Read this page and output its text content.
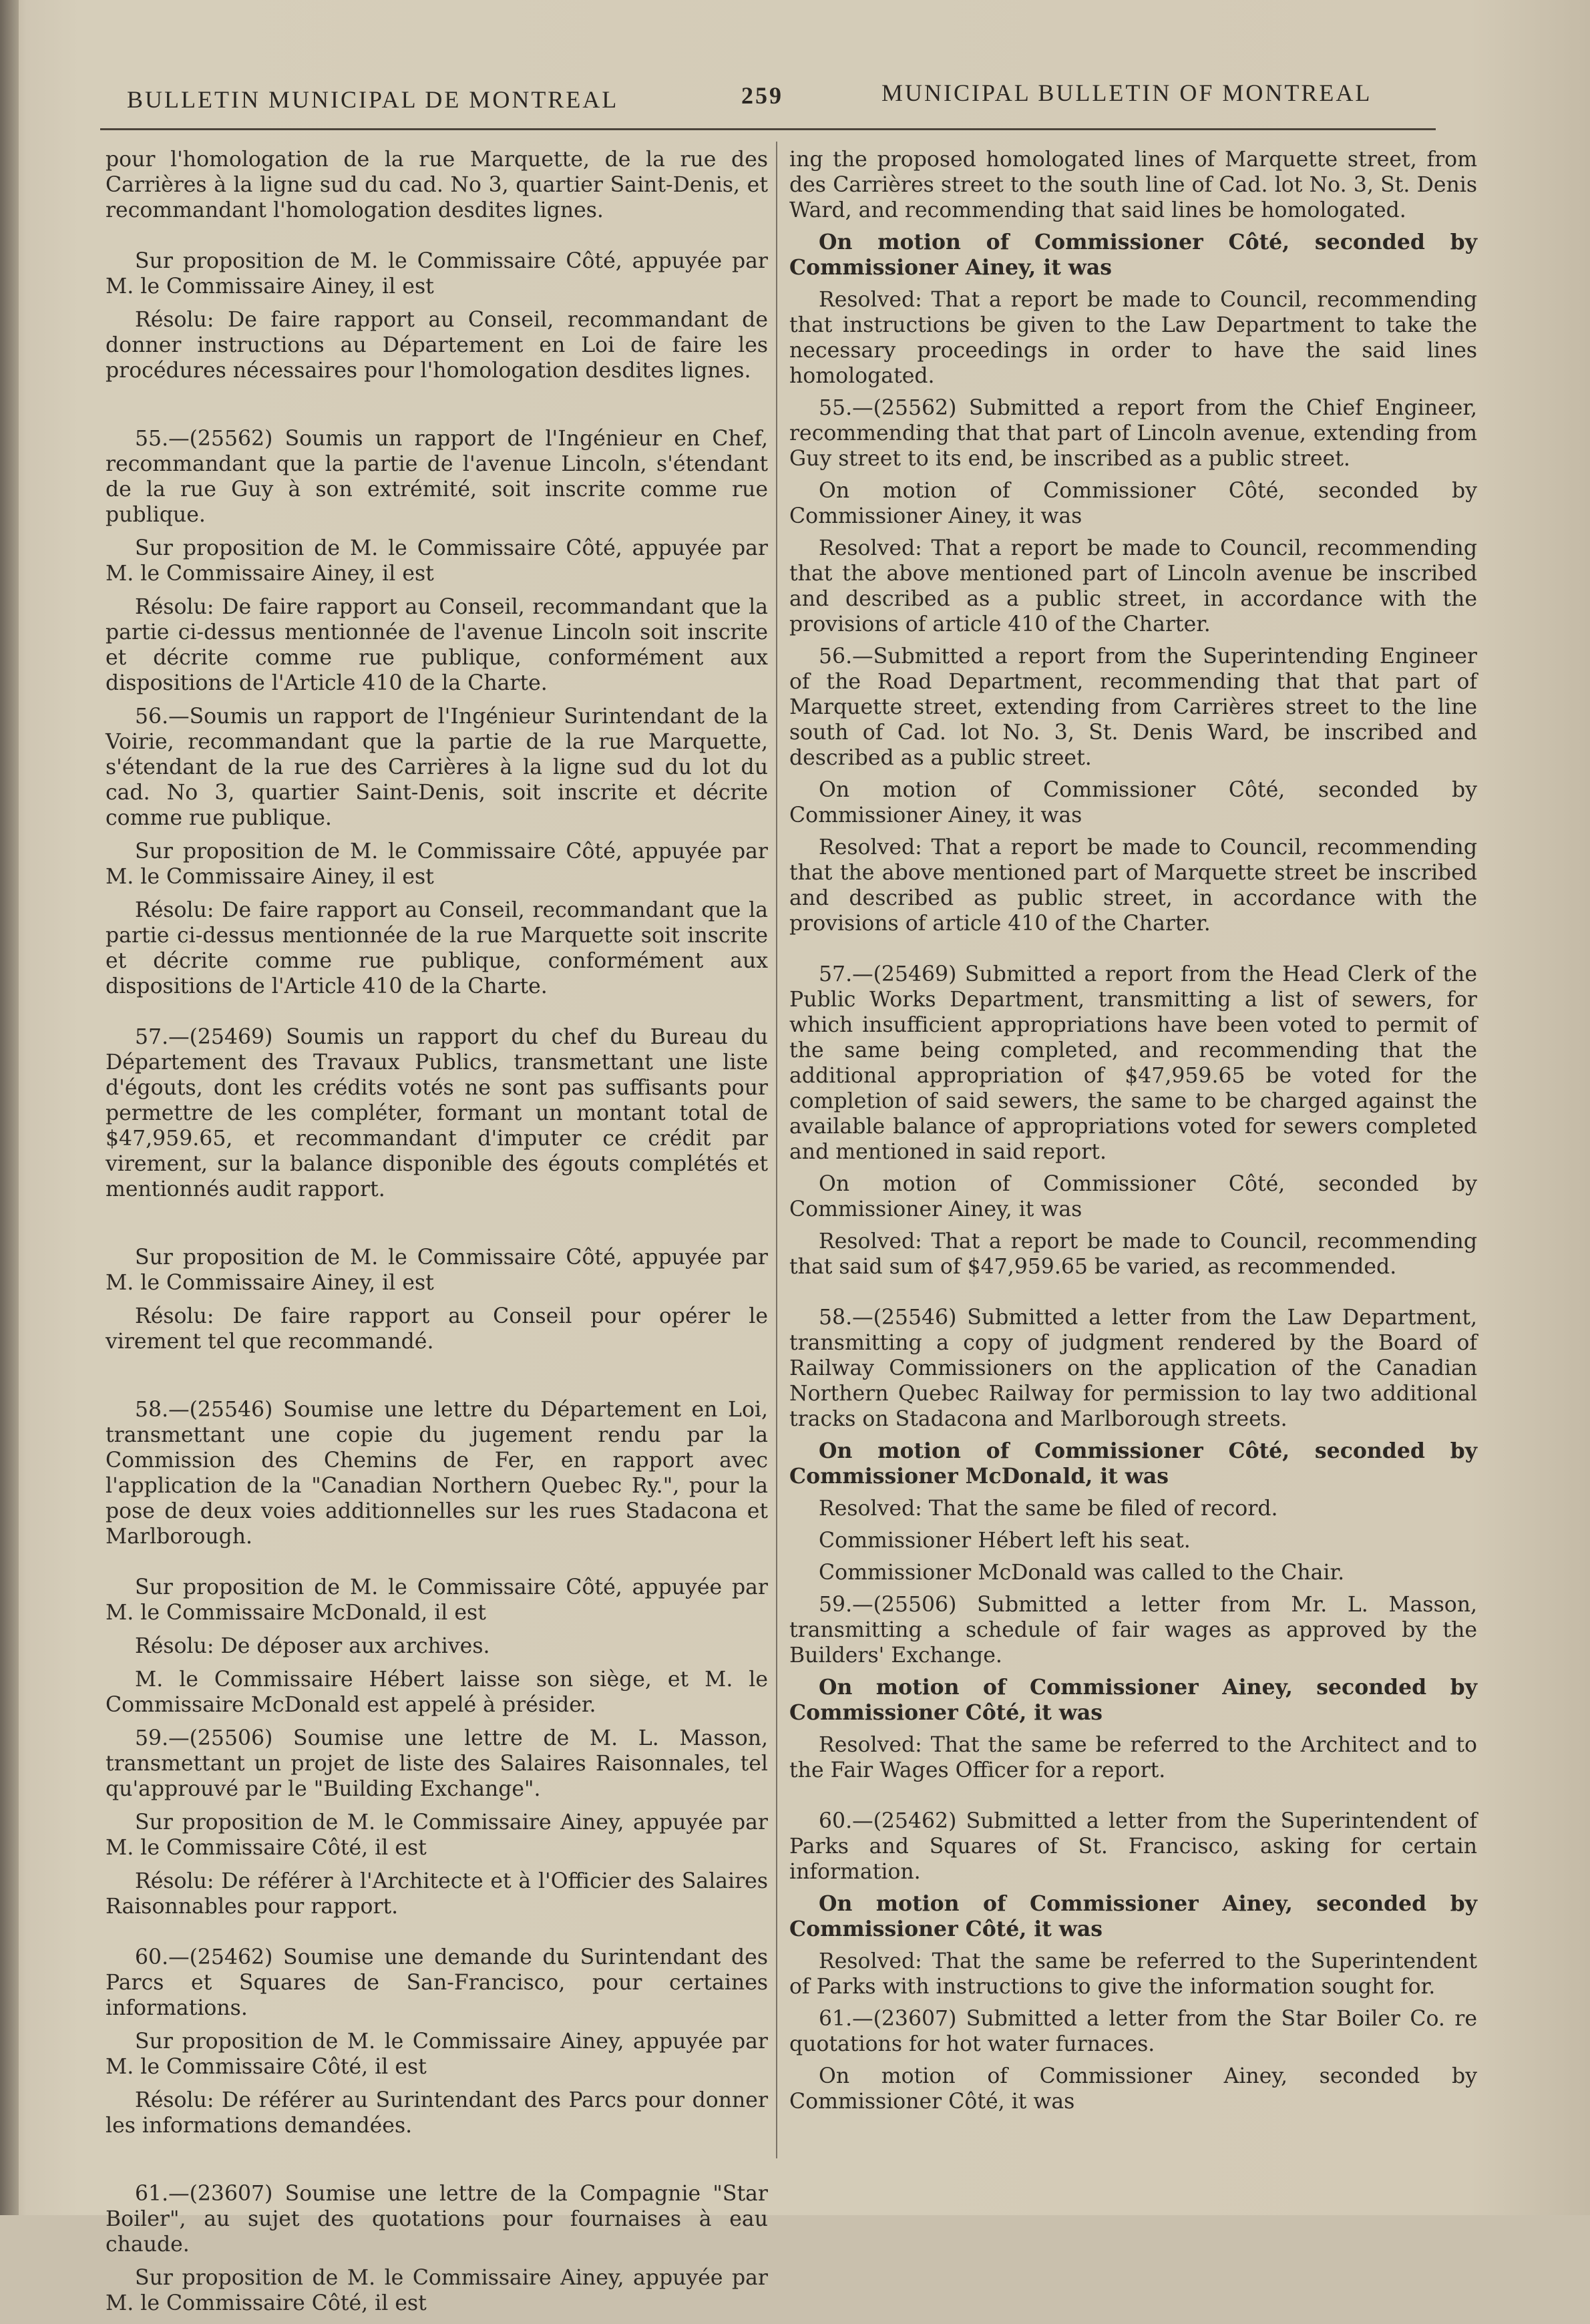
BULLETIN MUNICIPAL DE MONTREAL	259	MUNICIPAL BULLETIN OF MONTREAL

pour l'homologation de la rue Marquette, de la rue des Carrières à la ligne sud du cad. No 3, quartier Saint-Denis, et recommandant l'homologation desdites lignes.

Sur proposition de M. le Commissaire Côté, appuyée par M. le Commissaire Ainey, il est

Résolu: De faire rapport au Conseil, recommandant de donner instructions au Département en Loi de faire les procédures nécessaires pour l'homologation desdites lignes.

55.—(25562) Soumis un rapport de l'Ingénieur en Chef, recommandant que la partie de l'avenue Lincoln, s'étendant de la rue Guy à son extrémité, soit inscrite comme rue publique.

Sur proposition de M. le Commissaire Côté, appuyée par M. le Commissaire Ainey, il est

Résolu: De faire rapport au Conseil, recommandant que la partie ci-dessus mentionnée de l'avenue Lincoln soit inscrite et décrite comme rue publique, conformément aux dispositions de l'Article 410 de la Charte.

56.—Soumis un rapport de l'Ingénieur Surintendant de la Voirie, recommandant que la partie de la rue Marquette, s'étendant de la rue des Carrières à la ligne sud du lot du cad. No 3, quartier Saint-Denis, soit inscrite et décrite comme rue publique.

Sur proposition de M. le Commissaire Côté, appuyée par M. le Commissaire Ainey, il est

Résolu: De faire rapport au Conseil, recommandant que la partie ci-dessus mentionnée de la rue Marquette soit inscrite et décrite comme rue publique, conformément aux dispositions de l'Article 410 de la Charte.

57.—(25469) Soumis un rapport du chef du Bureau du Département des Travaux Publics, transmettant une liste d'égouts, dont les crédits votés ne sont pas suffisants pour permettre de les compléter, formant un montant total de $47,959.65, et recommandant d'imputer ce crédit par virement, sur la balance disponible des égouts complétés et mentionnés audit rapport.

Sur proposition de M. le Commissaire Côté, appuyée par M. le Commissaire Ainey, il est

Résolu: De faire rapport au Conseil pour opérer le virement tel que recommandé.

58.—(25546) Soumise une lettre du Département en Loi, transmettant une copie du jugement rendu par la Commission des Chemins de Fer, en rapport avec l'application de la "Canadian Northern Quebec Ry.", pour la pose de deux voies additionnelles sur les rues Stadacona et Marlborough.

Sur proposition de M. le Commissaire Côté, appuyée par M. le Commissaire McDonald, il est

Résolu: De déposer aux archives.

M. le Commissaire Hébert laisse son siège, et M. le Commissaire McDonald est appelé à présider.

59.—(25506) Soumise une lettre de M. L. Masson, transmettant un projet de liste des Salaires Raisonnales, tel qu'approuvé par le "Building Exchange".

Sur proposition de M. le Commissaire Ainey, appuyée par M. le Commissaire Côté, il est

Résolu: De référer à l'Architecte et à l'Officier des Salaires Raisonnables pour rapport.

60.—(25462) Soumise une demande du Surintendant des Parcs et Squares de San-Francisco, pour certaines informations.

Sur proposition de M. le Commissaire Ainey, appuyée par M. le Commissaire Côté, il est

Résolu: De référer au Surintendant des Parcs pour donner les informations demandées.

61.—(23607) Soumise une lettre de la Compagnie "Star Boiler", au sujet des quotations pour fournaises à eau chaude.

Sur proposition de M. le Commissaire Ainey, appuyée par M. le Commissaire Côté, il est

ing the proposed homologated lines of Marquette street, from des Carrières street to the south line of Cad. lot No. 3, St. Denis Ward, and recommending that said lines be homologated.

On motion of Commissioner Côté, seconded by Commissioner Ainey, it was

Resolved: That a report be made to Council, recommending that instructions be given to the Law Department to take the necessary proceedings in order to have the said lines homologated.

55.—(25562) Submitted a report from the Chief Engineer, recommending that that part of Lincoln avenue, extending from Guy street to its end, be inscribed as a public street.

On motion of Commissioner Côté, seconded by Commissioner Ainey, it was

Resolved: That a report be made to Council, recommending that the above mentioned part of Lincoln avenue be inscribed and described as a public street, in accordance with the provisions of article 410 of the Charter.

56.—Submitted a report from the Superintending Engineer of the Road Department, recommending that that part of Marquette street, extending from Carrières street to the line south of Cad. lot No. 3, St. Denis Ward, be inscribed and described as a public street.

On motion of Commissioner Côté, seconded by Commissioner Ainey, it was

Resolved: That a report be made to Council, recommending that the above mentioned part of Marquette street be inscribed and described as public street, in accordance with the provisions of article 410 of the Charter.

57.—(25469) Submitted a report from the Head Clerk of the Public Works Department, transmitting a list of sewers, for which insufficient appropriations have been voted to permit of the same being completed, and recommending that the additional appropriation of $47,959.65 be voted for the completion of said sewers, the same to be charged against the available balance of appropriations voted for sewers completed and mentioned in said report.

On motion of Commissioner Côté, seconded by Commissioner Ainey, it was

Resolved: That a report be made to Council, recommending that said sum of $47,959.65 be varied, as recommended.

58.—(25546) Submitted a letter from the Law Department, transmitting a copy of judgment rendered by the Board of Railway Commissioners on the application of the Canadian Northern Quebec Railway for permission to lay two additional tracks on Stadacona and Marlborough streets.

On motion of Commissioner Côté, seconded by Commissioner McDonald, it was

Resolved: That the same be filed of record.

Commissioner Hébert left his seat.

Commissioner McDonald was called to the Chair.

59.—(25506) Submitted a letter from Mr. L. Masson, transmitting a schedule of fair wages as approved by the Builders' Exchange.

On motion of Commissioner Ainey, seconded by Commissioner Côté, it was

Resolved: That the same be referred to the Architect and to the Fair Wages Officer for a report.

60.—(25462) Submitted a letter from the Superintendent of Parks and Squares of St. Francisco, asking for certain information.

On motion of Commissioner Ainey, seconded by Commissioner Côté, it was

Resolved: That the same be referred to the Superintendent of Parks with instructions to give the information sought for.

61.—(23607) Submitted a letter from the Star Boiler Co. re quotations for hot water furnaces.

On motion of Commissioner Ainey, seconded by Commissioner Côté, it was
